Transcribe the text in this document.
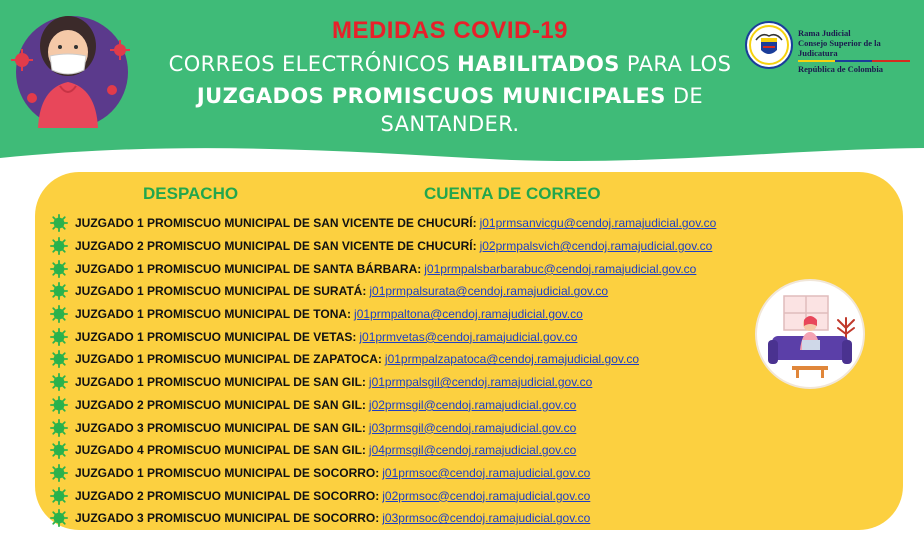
MEDIDAS COVID-19
CORREOS ELECTRÓNICOS HABILITADOS PARA LOS
JUZGADOS PROMISCUOS MUNICIPALES DE SANTANDER.
Rama Judicial
Consejo Superior de la Judicatura
República de Colombia
DESPACHO	CUENTA DE CORREO
JUZGADO 1 PROMISCUO MUNICIPAL DE SAN VICENTE DE CHUCURÍ: j01prmsanvicgu@cendoj.ramajudicial.gov.co
JUZGADO 2 PROMISCUO MUNICIPAL DE SAN VICENTE DE CHUCURÍ: j02prmpalsvich@cendoj.ramajudicial.gov.co
JUZGADO 1 PROMISCUO MUNICIPAL DE SANTA BÁRBARA: j01prmpalsbarbarabuc@cendoj.ramajudicial.gov.co
JUZGADO 1 PROMISCUO MUNICIPAL DE SURATÁ: j01prmpalsurata@cendoj.ramajudicial.gov.co
JUZGADO 1 PROMISCUO MUNICIPAL DE TONA: j01prmpaltona@cendoj.ramajudicial.gov.co
JUZGADO 1 PROMISCUO MUNICIPAL DE VETAS: j01prmvetas@cendoj.ramajudicial.gov.co
JUZGADO 1 PROMISCUO MUNICIPAL DE ZAPATOCA: j01prmpalzapatoca@cendoj.ramajudicial.gov.co
JUZGADO 1 PROMISCUO MUNICIPAL DE SAN GIL: j01prmpalsgil@cendoj.ramajudicial.gov.co
JUZGADO 2 PROMISCUO MUNICIPAL DE SAN GIL: j02prmsgil@cendoj.ramajudicial.gov.co
JUZGADO 3 PROMISCUO MUNICIPAL DE SAN GIL: j03prmsgil@cendoj.ramajudicial.gov.co
JUZGADO 4 PROMISCUO MUNICIPAL DE SAN GIL: j04prmsgil@cendoj.ramajudicial.gov.co
JUZGADO 1 PROMISCUO MUNICIPAL DE SOCORRO: j01prmsoc@cendoj.ramajudicial.gov.co
JUZGADO 2 PROMISCUO MUNICIPAL DE SOCORRO: j02prmsoc@cendoj.ramajudicial.gov.co
JUZGADO 3 PROMISCUO MUNICIPAL DE SOCORRO: j03prmsoc@cendoj.ramajudicial.gov.co
